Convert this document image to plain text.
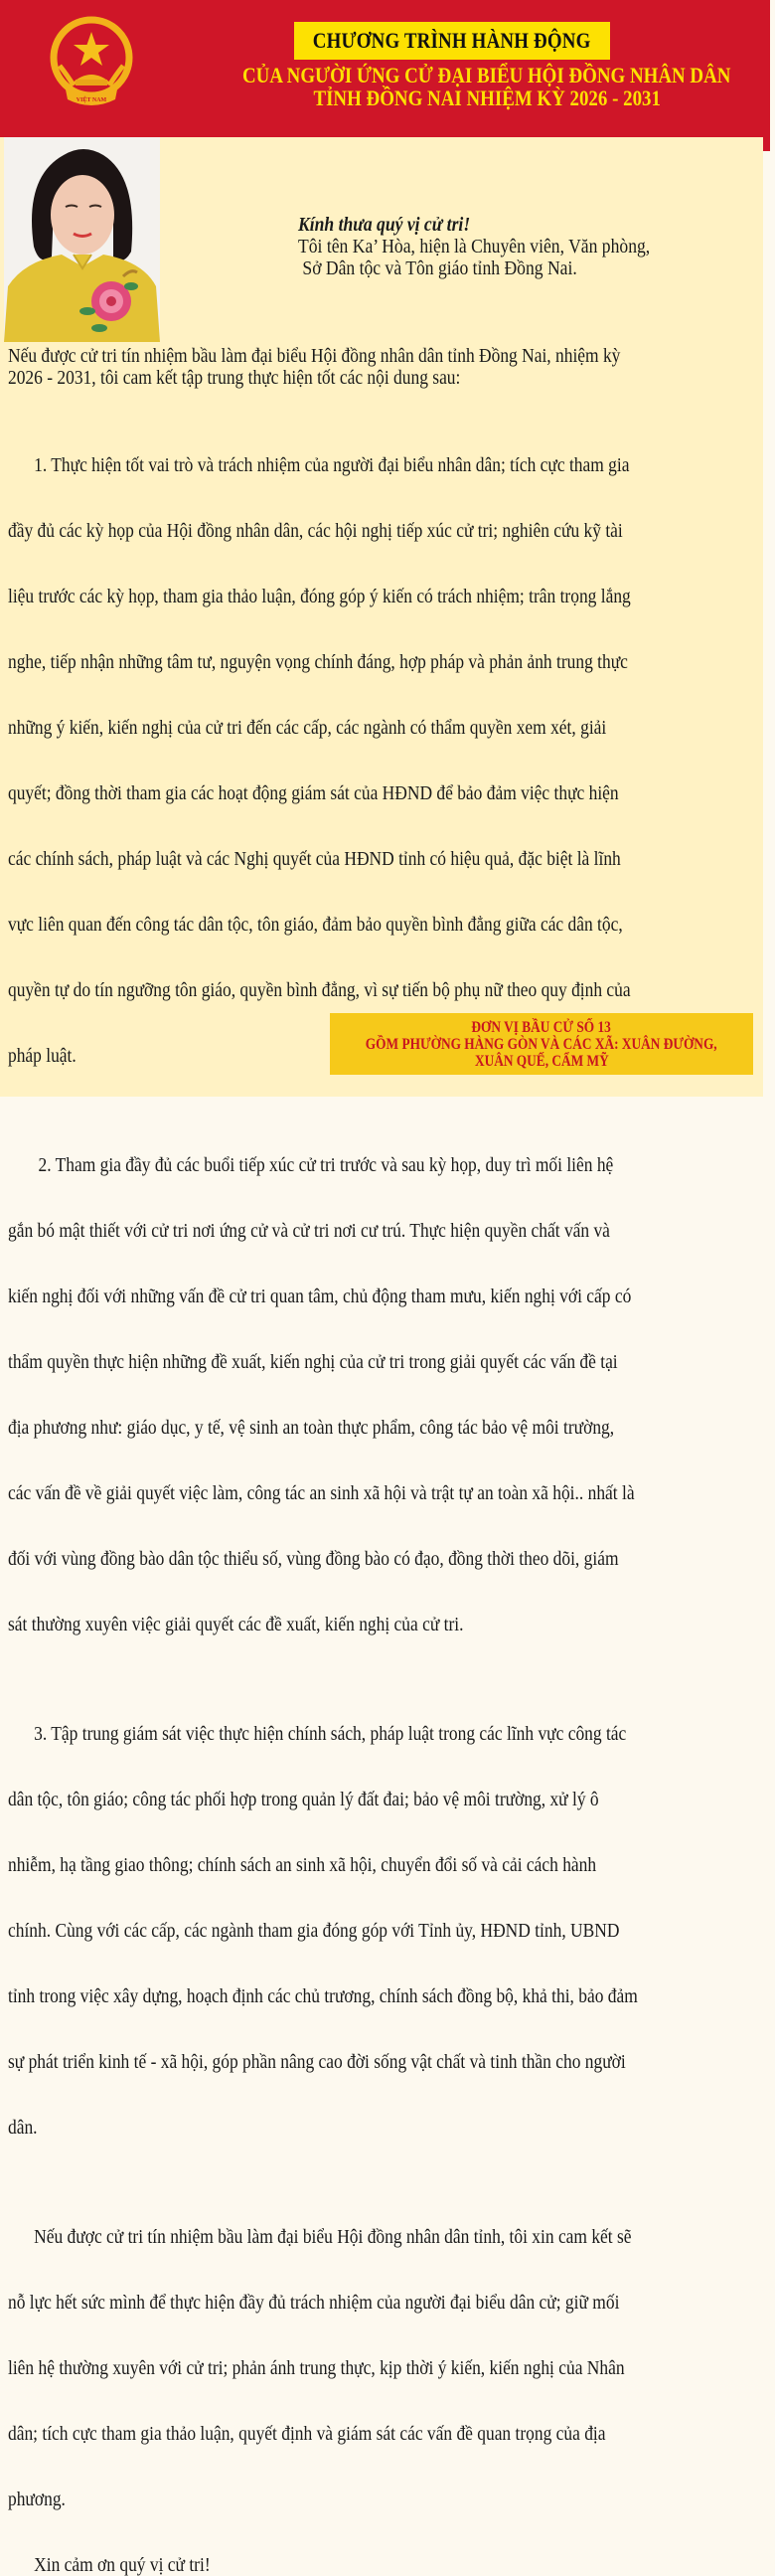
VIỆT NAM
CHƯƠNG TRÌNH HÀNH ĐỘNG
CỦA NGƯỜI ỨNG CỬ ĐẠI BIỂU HỘI ĐỒNG NHÂN DÂN
TỈNH ĐỒNG NAI NHIỆM KỲ 2026 - 2031
Kính thưa quý vị cử tri!
Tôi tên Ka’ Hòa, hiện là Chuyên viên, Văn phòng,
Sở Dân tộc và Tôn giáo tỉnh Đồng Nai.
Nếu được cử tri tín nhiệm bầu làm đại biểu Hội đồng nhân dân tỉnh Đồng Nai, nhiệm kỳ
2026 - 2031, tôi cam kết tập trung thực hiện tốt các nội dung sau:

1. Thực hiện tốt vai trò và trách nhiệm của người đại biểu nhân dân; tích cực tham gia

đầy đủ các kỳ họp của Hội đồng nhân dân, các hội nghị tiếp xúc cử tri; nghiên cứu kỹ tài

liệu trước các kỳ họp, tham gia thảo luận, đóng góp ý kiến có trách nhiệm; trân trọng lắng

nghe, tiếp nhận những tâm tư, nguyện vọng chính đáng, hợp pháp và phản ảnh trung thực

những ý kiến, kiến nghị của cử tri đến các cấp, các ngành có thẩm quyền xem xét, giải

quyết; đồng thời tham gia các hoạt động giám sát của HĐND để bảo đảm việc thực hiện

các chính sách, pháp luật và các Nghị quyết của HĐND tỉnh có hiệu quả, đặc biệt là lĩnh

vực liên quan đến công tác dân tộc, tôn giáo, đảm bảo quyền bình đẳng giữa các dân tộc,

quyền tự do tín ngưỡng tôn giáo, quyền bình đẳng, vì sự tiến bộ phụ nữ theo quy định của

pháp luật.

2. Tham gia đầy đủ các buổi tiếp xúc cử tri trước và sau kỳ họp, duy trì mối liên hệ

gắn bó mật thiết với cử tri nơi ứng cử và cử tri nơi cư trú. Thực hiện quyền chất vấn và

kiến nghị đối với những vấn đề cử tri quan tâm, chủ động tham mưu, kiến nghị với cấp có

thẩm quyền thực hiện những đề xuất, kiến nghị của cử tri trong giải quyết các vấn đề tại

địa phương như: giáo dục, y tế, vệ sinh an toàn thực phẩm, công tác bảo vệ môi trường,

các vấn đề về giải quyết việc làm, công tác an sinh xã hội và trật tự an toàn xã hội.. nhất là

đối với vùng đồng bào dân tộc thiểu số, vùng đồng bào có đạo, đồng thời theo dõi, giám

sát thường xuyên việc giải quyết các đề xuất, kiến nghị của cử tri.

3. Tập trung giám sát việc thực hiện chính sách, pháp luật trong các lĩnh vực công tác

dân tộc, tôn giáo; công tác phối hợp trong quản lý đất đai; bảo vệ môi trường, xử lý ô

nhiễm, hạ tầng giao thông; chính sách an sinh xã hội, chuyển đổi số và cải cách hành

chính. Cùng với các cấp, các ngành tham gia đóng góp với Tỉnh ủy, HĐND tỉnh, UBND

tỉnh trong việc xây dựng, hoạch định các chủ trương, chính sách đồng bộ, khả thi, bảo đảm

sự phát triển kinh tế - xã hội, góp phần nâng cao đời sống vật chất và tinh thần cho người

dân.

Nếu được cử tri tín nhiệm bầu làm đại biểu Hội đồng nhân dân tỉnh, tôi xin cam kết sẽ

nỗ lực hết sức mình để thực hiện đầy đủ trách nhiệm của người đại biểu dân cử; giữ mối

liên hệ thường xuyên với cử tri; phản ánh trung thực, kịp thời ý kiến, kiến nghị của Nhân

dân; tích cực tham gia thảo luận, quyết định và giám sát các vấn đề quan trọng của địa

phương.

Xin cảm ơn quý vị cử tri!
ĐƠN VỊ BẦU CỬ SỐ 13
GỒM PHƯỜNG HÀNG GÒN VÀ CÁC XÃ: XUÂN ĐƯỜNG,
XUÂN QUẾ, CẨM MỸ
